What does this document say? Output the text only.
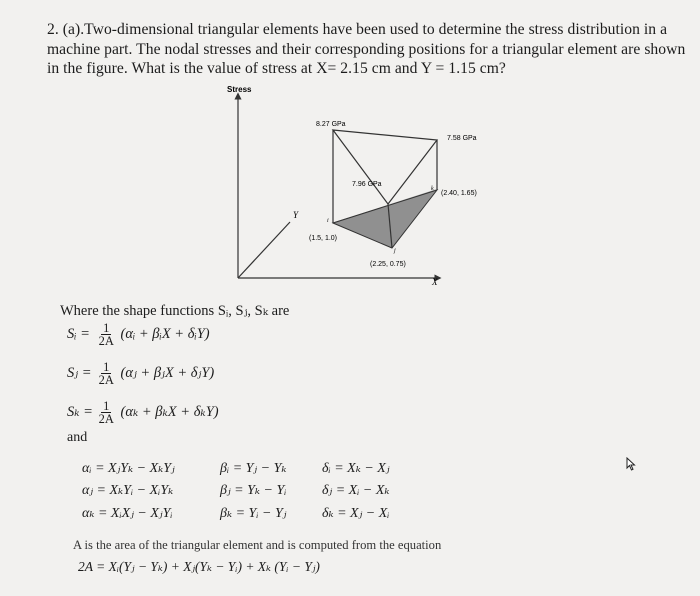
2. (a).Two-dimensional triangular elements have been used to determine the stress distribution in a machine part. The nodal stresses and their corresponding positions for a triangular element are shown in the figure. What is the value of stress at X= 2.15 cm and Y = 1.15 cm?

Stress
X
Y
8.27 GPa
7.58 GPa
7.96 GPa
(1.5, 1.0)
(2.25, 0.75)
(2.40, 1.65)
i
j
k

Where the shape functions Sᵢ, Sⱼ, Sₖ are

Sᵢ = $\frac{1}{2A}$ (αᵢ + βᵢX + δᵢY)
Sⱼ = $\frac{1}{2A}$ (αⱼ + βⱼX + δⱼY)
$S_k = \frac{1}{2A} (\alpha_k + \beta_kX + \delta_kY)$

and

αᵢ = XⱼYₖ − XₖYⱼ	βᵢ = Yⱼ − Yₖ	δᵢ = Xₖ − Xⱼ
αⱼ = XₖYᵢ − XᵢYₖ	βⱼ = Yₖ − Yᵢ	δⱼ = Xᵢ − Xₖ
αₖ = XᵢXⱼ − XⱼYᵢ	βₖ = Yᵢ − Yⱼ	δₖ = Xⱼ − Xᵢ

A is the area of the triangular element and is computed from the equation

2A = Xᵢ(Yⱼ − Yₖ) + Xⱼ(Yₖ − Yᵢ) + Xₖ (Yᵢ − Yⱼ)
